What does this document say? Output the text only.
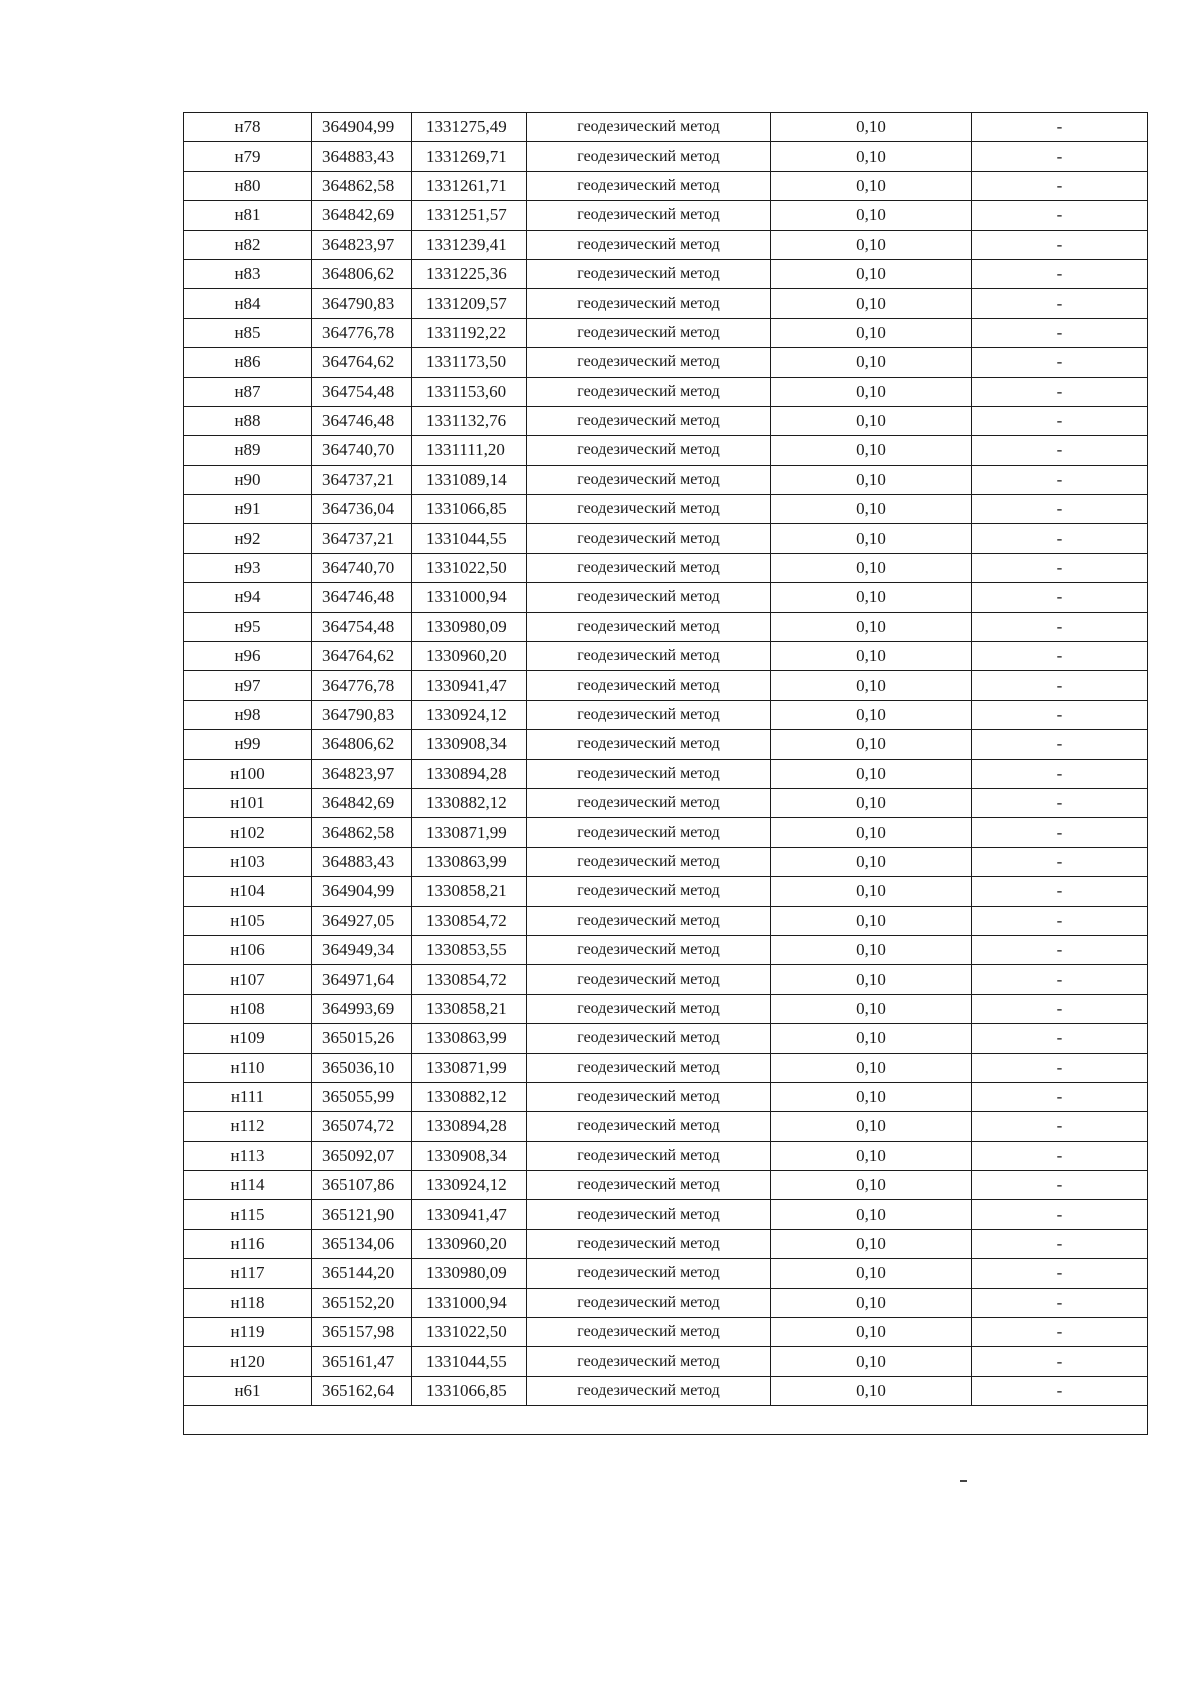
н78	364904,99	1331275,49	геодезический метод	0,10	-
н79	364883,43	1331269,71	геодезический метод	0,10	-
н80	364862,58	1331261,71	геодезический метод	0,10	-
н81	364842,69	1331251,57	геодезический метод	0,10	-
н82	364823,97	1331239,41	геодезический метод	0,10	-
н83	364806,62	1331225,36	геодезический метод	0,10	-
н84	364790,83	1331209,57	геодезический метод	0,10	-
н85	364776,78	1331192,22	геодезический метод	0,10	-
н86	364764,62	1331173,50	геодезический метод	0,10	-
н87	364754,48	1331153,60	геодезический метод	0,10	-
н88	364746,48	1331132,76	геодезический метод	0,10	-
н89	364740,70	1331111,20	геодезический метод	0,10	-
н90	364737,21	1331089,14	геодезический метод	0,10	-
н91	364736,04	1331066,85	геодезический метод	0,10	-
н92	364737,21	1331044,55	геодезический метод	0,10	-
н93	364740,70	1331022,50	геодезический метод	0,10	-
н94	364746,48	1331000,94	геодезический метод	0,10	-
н95	364754,48	1330980,09	геодезический метод	0,10	-
н96	364764,62	1330960,20	геодезический метод	0,10	-
н97	364776,78	1330941,47	геодезический метод	0,10	-
н98	364790,83	1330924,12	геодезический метод	0,10	-
н99	364806,62	1330908,34	геодезический метод	0,10	-
н100	364823,97	1330894,28	геодезический метод	0,10	-
н101	364842,69	1330882,12	геодезический метод	0,10	-
н102	364862,58	1330871,99	геодезический метод	0,10	-
н103	364883,43	1330863,99	геодезический метод	0,10	-
н104	364904,99	1330858,21	геодезический метод	0,10	-
н105	364927,05	1330854,72	геодезический метод	0,10	-
н106	364949,34	1330853,55	геодезический метод	0,10	-
н107	364971,64	1330854,72	геодезический метод	0,10	-
н108	364993,69	1330858,21	геодезический метод	0,10	-
н109	365015,26	1330863,99	геодезический метод	0,10	-
н110	365036,10	1330871,99	геодезический метод	0,10	-
н111	365055,99	1330882,12	геодезический метод	0,10	-
н112	365074,72	1330894,28	геодезический метод	0,10	-
н113	365092,07	1330908,34	геодезический метод	0,10	-
н114	365107,86	1330924,12	геодезический метод	0,10	-
н115	365121,90	1330941,47	геодезический метод	0,10	-
н116	365134,06	1330960,20	геодезический метод	0,10	-
н117	365144,20	1330980,09	геодезический метод	0,10	-
н118	365152,20	1331000,94	геодезический метод	0,10	-
н119	365157,98	1331022,50	геодезический метод	0,10	-
н120	365161,47	1331044,55	геодезический метод	0,10	-
н61	365162,64	1331066,85	геодезический метод	0,10	-
